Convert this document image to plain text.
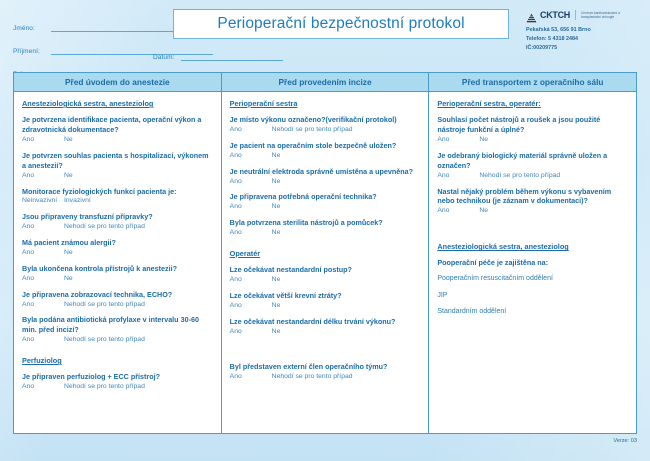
Jméno:
Příjmení:
Datum:
Perioperační bezpečnostní protokol	CKTCH	Centrum kardiovaskulární a transplantační chirurgie
Pekařská 53, 656 91 Brno
Telefon: 5 4318 2484
IČ:00209775
Před úvodem do anestezie
Anesteziologická sestra, anesteziolog
Je potvrzena identifikace pacienta, operační výkon a zdravotnická dokumentace?
Ano	Ne
Je potvrzen souhlas pacienta s hospitalizací, výkonem a anestezií?
Ano	Ne
Monitorace fyziologických funkcí pacienta je:
Neinvazivní	Invazivní
Jsou připraveny transfuzní přípravky?
Ano	Nehodí se pro tento případ
Má pacient známou alergii?
Ano	Ne
Byla ukončena kontrola přístrojů k anestezii?
Ano	Ne
Je připravena zobrazovací technika, ECHO?
Ano	Nehodí se pro tento případ
Byla podána antibiotická profylaxe v intervalu 30-60 min. před incizí?
Ano	Nehodí se pro tento případ
Perfuziolog
Je připraven perfuziolog + ECC přístroj?
Ano	Nehodí se pro tento případ
Před provedením incize
Perioperační sestra
Je místo výkonu označeno?(verifikační protokol)
Ano	Nehodí se pro tento případ
Je pacient na operačním stole bezpečně uložen?
Ano	Ne
Je neutrální elektroda správně umístěna a upevněna?
Ano	Ne
Je připravena potřebná operační technika?
Ano	Ne
Byla potvrzena sterilita nástrojů a pomůcek?
Ano	Ne
Operatér
Lze očekávat nestandardní postup?
Ano	Ne
Lze očekávat větší krevní ztráty?
Ano	Ne
Lze očekávat nestandardní délku trvání výkonu?
Ano	Ne
Byl představen externí člen operačního týmu?
Ano	Nehodí se pro tento případ
Před transportem z operačního sálu
Perioperační sestra, operatér:
Souhlasí počet nástrojů a roušek a jsou použité nástroje funkční a úplné?
Ano	Ne
Je odebraný biologický materiál správně uložen a označen?
Ano	Nehodí se pro tento případ
Nastal nějaký problém během výkonu s vybavením nebo technikou (je záznam v dokumentaci)?
Ano	Ne
Anesteziologická sestra, anesteziolog
Pooperační péče je zajištěna na:
Pooperačním resuscitačním oddělení
JIP
Standardním oddělení
Verze: 03
